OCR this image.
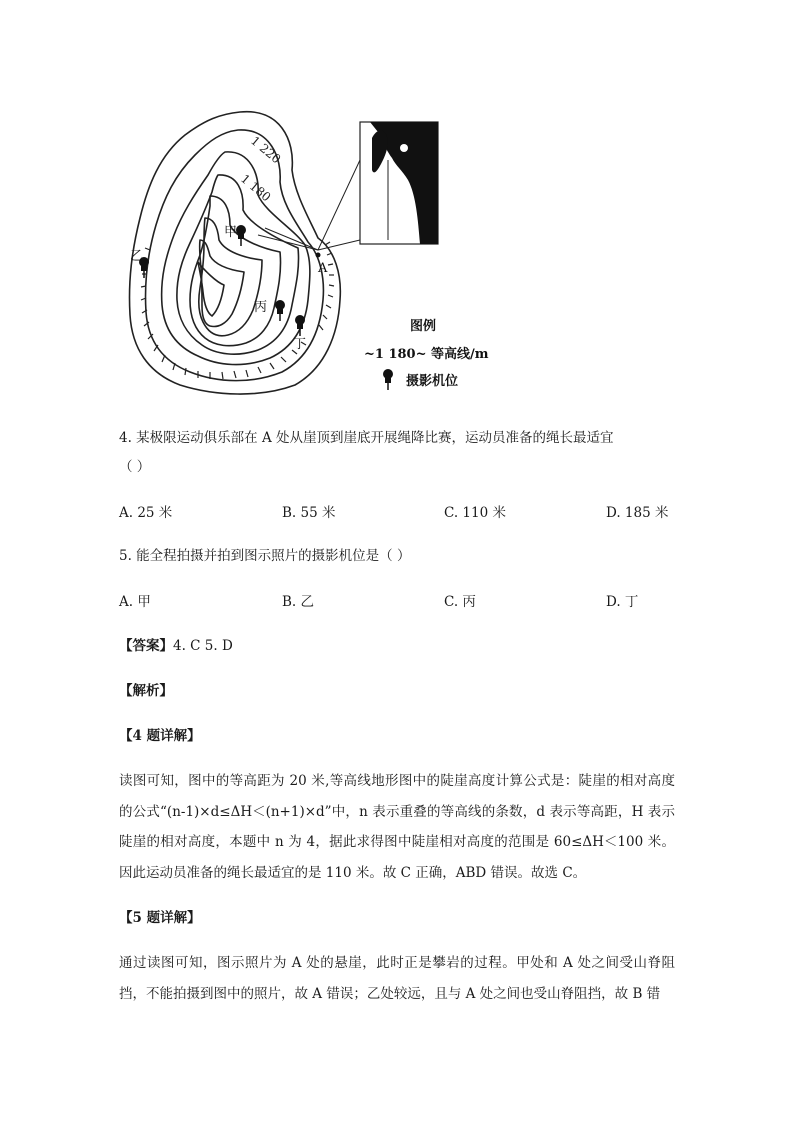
1 220
1 180
甲
乙
丙
丁
A
图例
~1 180~ 等高线/m
摄影机位
4. 某极限运动俱乐部在 A 处从崖顶到崖底开展绳降比赛，运动员准备的绳长最适宜
（ ）
A. 25 米	B. 55 米	C. 110 米	D. 185 米
5. 能全程拍摄并拍到图示照片的摄影机位是（ ）
A. 甲	B. 乙	C. 丙	D. 丁
【答案】4. C 5. D
【解析】
【4 题详解】
读图可知，图中的等高距为 20 米,等高线地形图中的陡崖高度计算公式是：陡崖的相对高度的公式“(n-1)×d≤ΔH＜(n+1)×d”中，n 表示重叠的等高线的条数，d 表示等高距，H 表示陡崖的相对高度，本题中 n 为 4，据此求得图中陡崖相对高度的范围是 60≤ΔH＜100 米。因此运动员准备的绳长最适宜的是 110 米。故 C 正确，ABD 错误。故选 C。
【5 题详解】
通过读图可知，图示照片为 A 处的悬崖，此时正是攀岩的过程。甲处和 A 处之间受山脊阻挡，不能拍摄到图中的照片，故 A 错误；乙处较远，且与 A 处之间也受山脊阻挡，故 B 错
